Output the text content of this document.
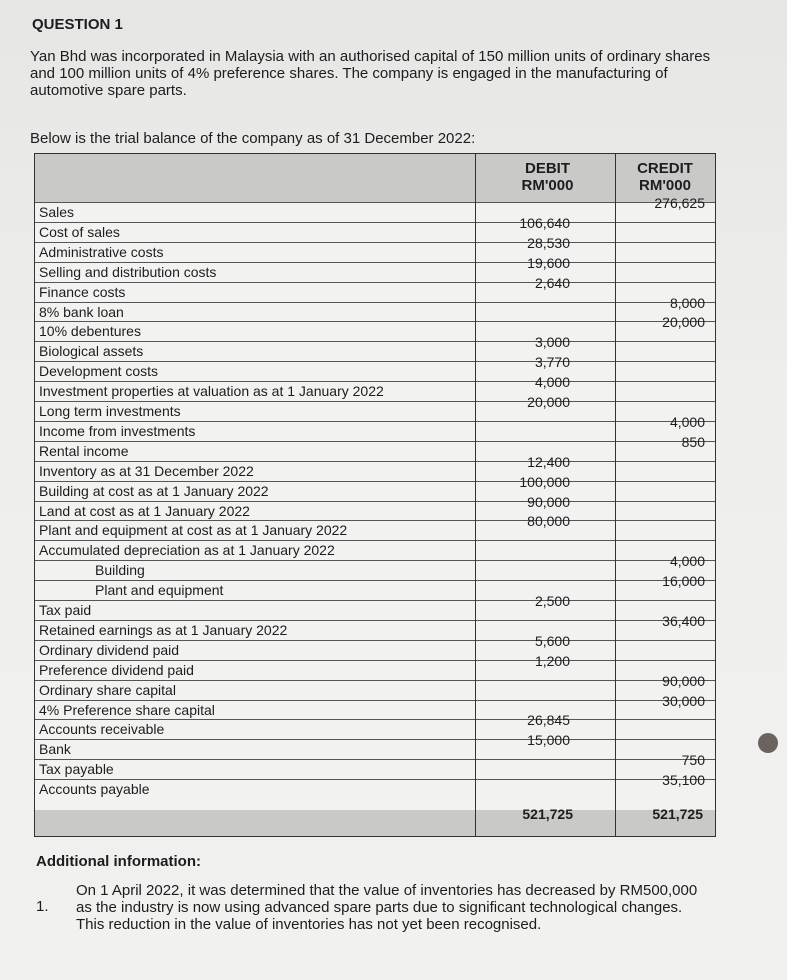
QUESTION 1
Yan Bhd was incorporated in Malaysia with an authorised capital of 150 million units of ordinary shares and 100 million units of 4% preference shares. The company is engaged in the manufacturing of automotive spare parts.
Below is the trial balance of the company as of 31 December 2022:
DEBIT
RM'000
CREDIT
RM'000
Sales
276,625
Cost of sales
106,640
Administrative costs
28,530
Selling and distribution costs
19,600
Finance costs
2,640
8% bank loan
8,000
10% debentures
20,000
Biological assets
3,000
Development costs
3,770
Investment properties at valuation as at 1 January 2022
4,000
Long term investments
20,000
Income from investments
4,000
Rental income
850
Inventory as at 31 December 2022
12,400
Building at cost as at 1 January 2022
100,000
Land at cost as at 1 January 2022
90,000
Plant and equipment at cost as at 1 January 2022
80,000
Accumulated depreciation as at 1 January 2022
Building
4,000
Plant and equipment
16,000
Tax paid
2,500
Retained earnings as at 1 January 2022
36,400
Ordinary dividend paid
5,600
Preference dividend paid
1,200
Ordinary share capital
90,000
4% Preference share capital
30,000
Accounts receivable
26,845
Bank
15,000
Tax payable
750
Accounts payable
35,100
521,725	521,725
Additional information:
1.
On 1 April 2022, it was determined that the value of inventories has decreased by RM500,000 as the industry is now using advanced spare parts due to significant technological changes. This reduction in the value of inventories has not yet been recognised.
